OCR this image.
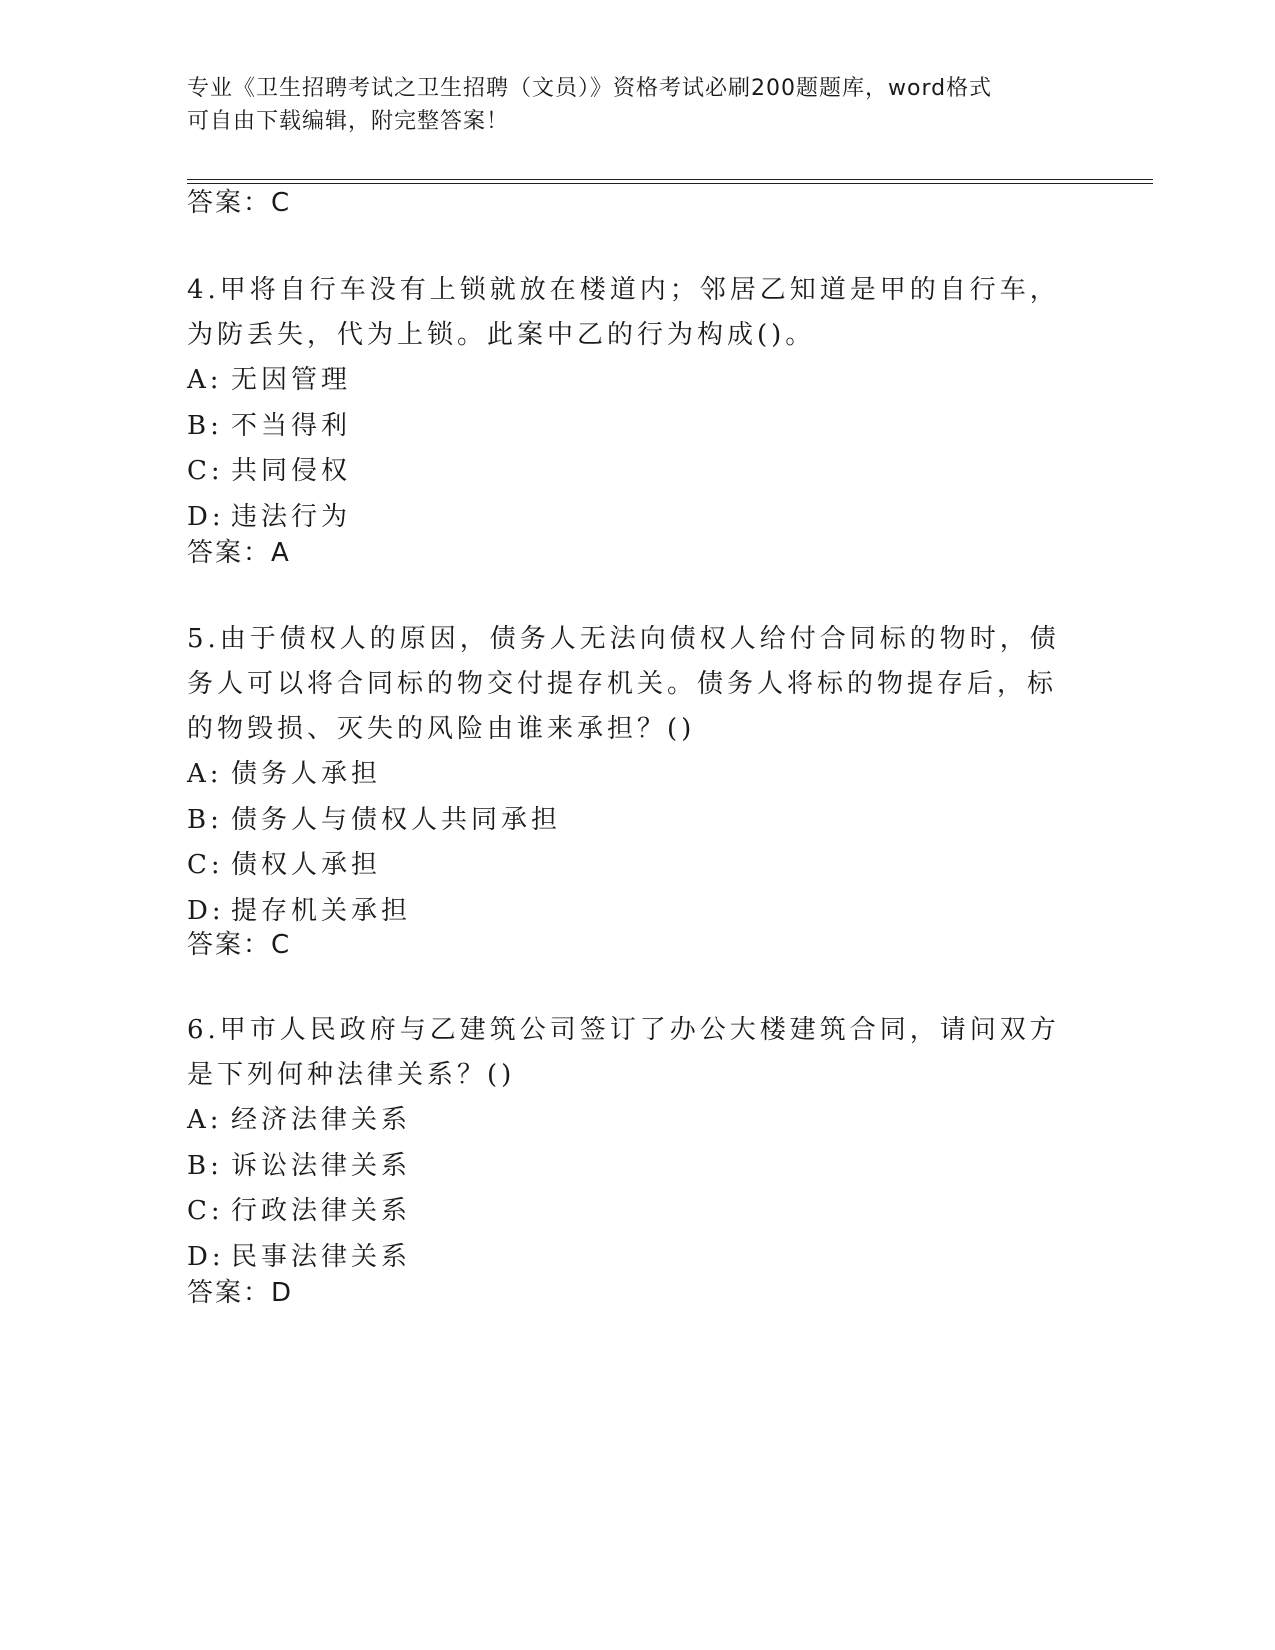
专业《卫生招聘考试之卫生招聘（文员）》资格考试必刷200题题库，word格式
可自由下载编辑，附完整答案！
答案：C

4.甲将自行车没有上锁就放在楼道内；邻居乙知道是甲的自行车，为防丢失，代为上锁。此案中乙的行为构成()。

A: 无因管理
B: 不当得利
C: 共同侵权
D: 违法行为
答案：A

5.由于债权人的原因，债务人无法向债权人给付合同标的物时，债务人可以将合同标的物交付提存机关。债务人将标的物提存后，标的物毁损、灭失的风险由谁来承担？()

A: 债务人承担
B: 债务人与债权人共同承担
C: 债权人承担
D: 提存机关承担
答案：C

6.甲市人民政府与乙建筑公司签订了办公大楼建筑合同，请问双方是下列何种法律关系？()

A: 经济法律关系
B: 诉讼法律关系
C: 行政法律关系
D: 民事法律关系
答案：D
